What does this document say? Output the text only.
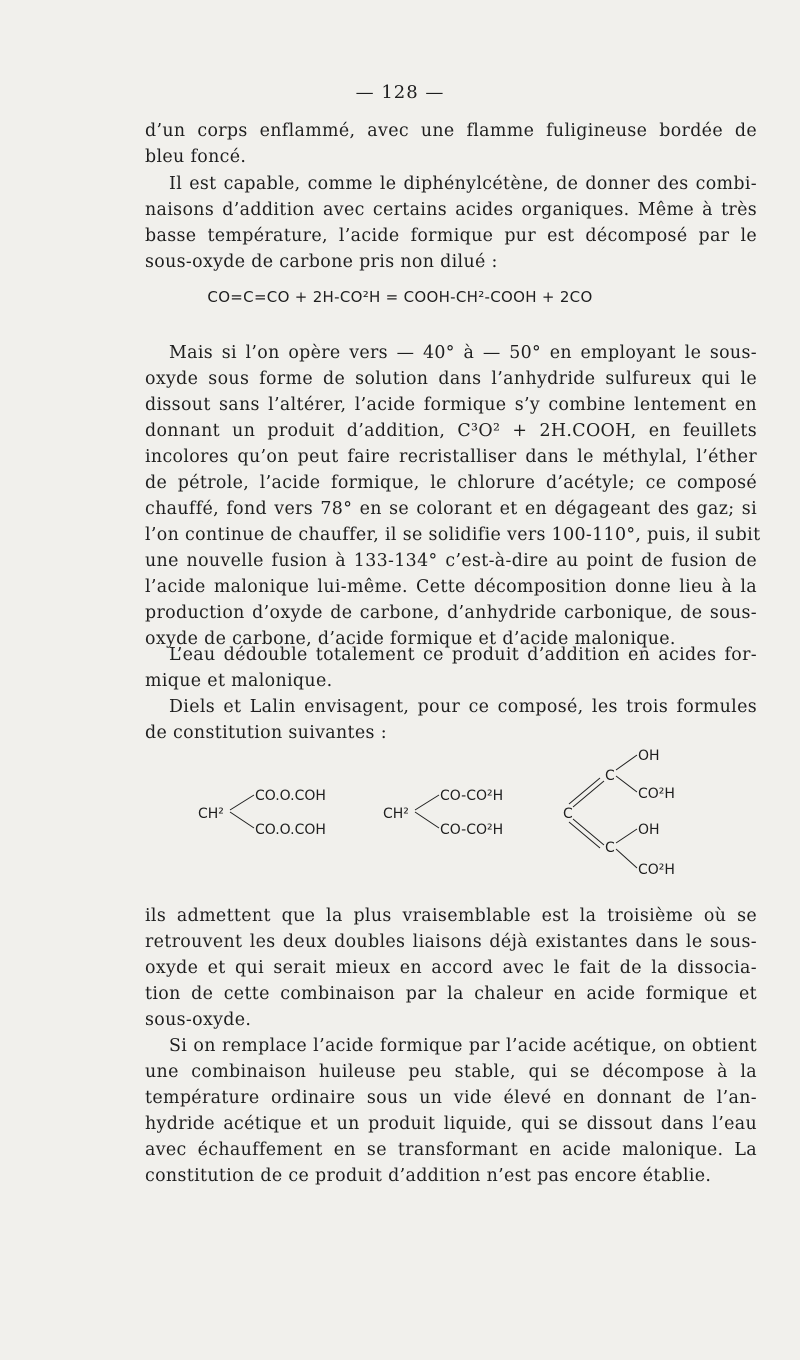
— 128 —
d’un corps enflammé, avec une flamme fuligineuse bordée de
bleu foncé.
Il est capable, comme le diphénylcétène, de donner des combi-
naisons d’addition avec certains acides organiques. Même à très
basse température, l’acide formique pur est décomposé par le
sous-oxyde de carbone pris non dilué :
CO=C=CO + 2H-CO²H = COOH-CH²-COOH + 2CO
Mais si l’on opère vers — 40° à — 50° en employant le sous-
oxyde sous forme de solution dans l’anhydride sulfureux qui le
dissout sans l’altérer, l’acide formique s’y combine lentement en
donnant un produit d’addition, C³O² + 2H.COOH, en feuillets
incolores qu’on peut faire recristalliser dans le méthylal, l’éther
de pétrole, l’acide formique, le chlorure d’acétyle; ce composé
chauffé, fond vers 78° en se colorant et en dégageant des gaz; si
l’on continue de chauffer, il se solidifie vers 100-110°, puis, il subit
une nouvelle fusion à 133-134° c’est-à-dire au point de fusion de
l’acide malonique lui-même. Cette décomposition donne lieu à la
production d’oxyde de carbone, d’anhydride carbonique, de sous-
oxyde de carbone, d’acide formique et d’acide malonique.
L’eau dédouble totalement ce produit d’addition en acides for-
mique et malonique.
Diels et Lalin envisagent, pour ce composé, les trois formules
de constitution suivantes :
CH²
CO.O.COH
CO.O.COH
CH²
CO-CO²H
CO-CO²H
C
C
C
OH
CO²H
OH
CO²H
ils admettent que la plus vraisemblable est la troisième où se
retrouvent les deux doubles liaisons déjà existantes dans le sous-
oxyde et qui serait mieux en accord avec le fait de la dissocia-
tion de cette combinaison par la chaleur en acide formique et
sous-oxyde.
Si on remplace l’acide formique par l’acide acétique, on obtient
une combinaison huileuse peu stable, qui se décompose à la
température ordinaire sous un vide élevé en donnant de l’an-
hydride acétique et un produit liquide, qui se dissout dans l’eau
avec échauffement en se transformant en acide malonique. La
constitution de ce produit d’addition n’est pas encore établie.
